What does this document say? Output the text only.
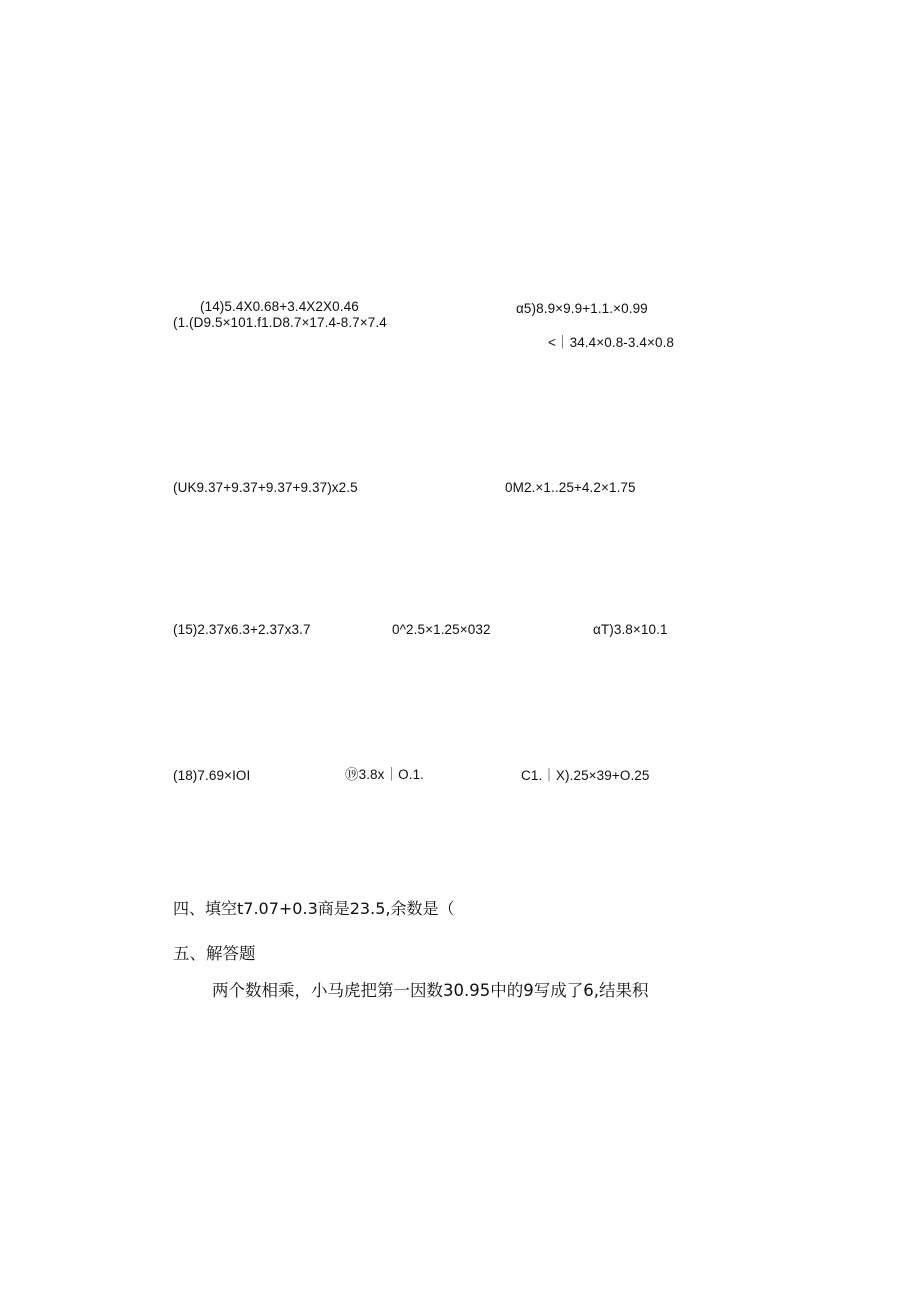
(14)5.4X0.68+3.4X2X0.46
(1.(D9.5×101.f1.D8.7×17.4-8.7×7.4
α5)8.9×9.9+1.1.×0.99
<｜34.4×0.8-3.4×0.8
(UK9.37+9.37+9.37+9.37)x2.5	0M2.×1..25+4.2×1.75
(15)2.37x6.3+2.37x3.7	0^2.5×1.25×032	αT)3.8×10.1
(18)7.69×IOI	⑲3.8x｜O.1.	C1.｜X).25×39+O.25
四、填空t7.07+0.3商是23.5,余数是（
五、解答题
两个数相乘，小马虎把第一因数30.95中的9写成了6,结果积
